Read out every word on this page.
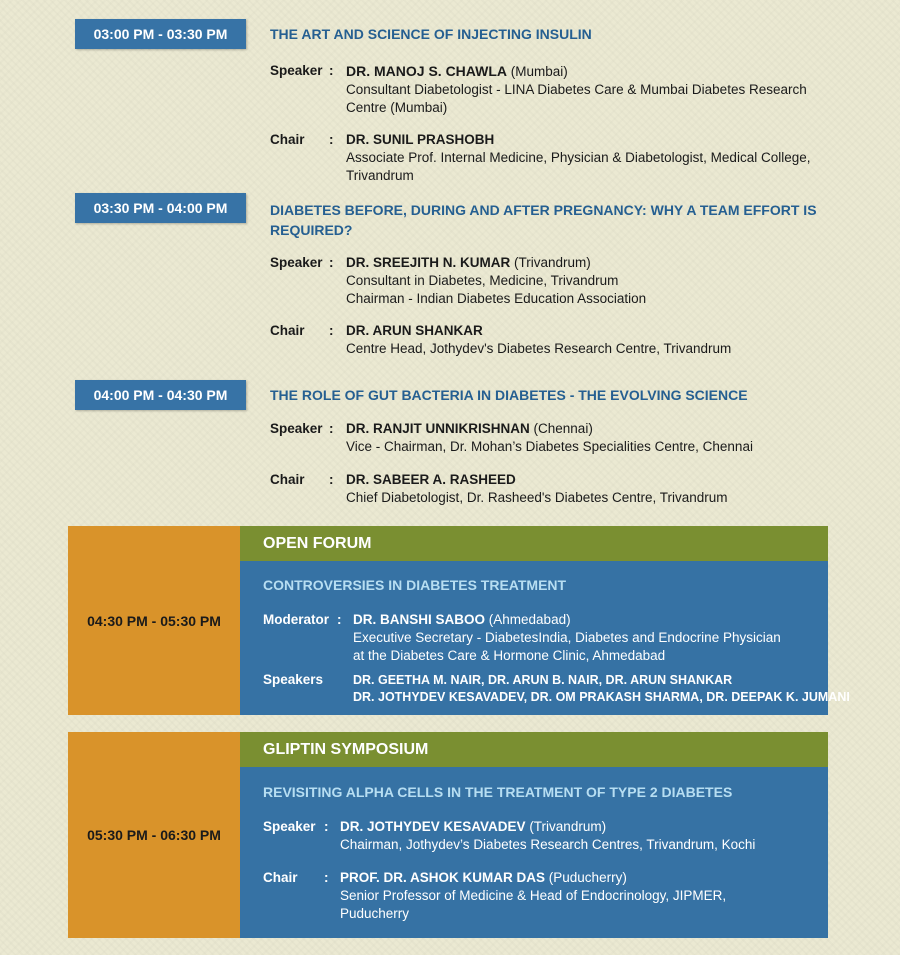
03:00 PM - 03:30 PM	THE ART AND SCIENCE OF INJECTING INSULIN
Speaker : DR. MANOJ S. CHAWLA (Mumbai)
Consultant Diabetologist - LINA Diabetes Care & Mumbai Diabetes Research
Centre (Mumbai)
Chair : DR. SUNIL PRASHOBH
Associate Prof. Internal Medicine, Physician & Diabetologist, Medical College,
Trivandrum
03:30 PM - 04:00 PM	DIABETES BEFORE, DURING AND AFTER PREGNANCY: WHY A TEAM EFFORT IS
REQUIRED?
Speaker : DR. SREEJITH N. KUMAR (Trivandrum)
Consultant in Diabetes, Medicine, Trivandrum
Chairman - Indian Diabetes Education Association
Chair : DR. ARUN SHANKAR
Centre Head, Jothydev's Diabetes Research Centre, Trivandrum
04:00 PM - 04:30 PM	THE ROLE OF GUT BACTERIA IN DIABETES - THE EVOLVING SCIENCE
Speaker : DR. RANJIT UNNIKRISHNAN (Chennai)
Vice - Chairman, Dr. Mohan’s Diabetes Specialities Centre, Chennai
Chair : DR. SABEER A. RASHEED
Chief Diabetologist, Dr. Rasheed's Diabetes Centre, Trivandrum
04:30 PM - 05:30 PM
OPEN FORUM
CONTROVERSIES IN DIABETES TREATMENT
Moderator : DR. BANSHI SABOO (Ahmedabad)
Executive Secretary - DiabetesIndia, Diabetes and Endocrine Physician
at the Diabetes Care & Hormone Clinic, Ahmedabad
Speakers DR. GEETHA M. NAIR, DR. ARUN B. NAIR, DR. ARUN SHANKAR
DR. JOTHYDEV KESAVADEV, DR. OM PRAKASH SHARMA, DR. DEEPAK K. JUMANI
05:30 PM - 06:30 PM
GLIPTIN SYMPOSIUM
REVISITING ALPHA CELLS IN THE TREATMENT OF TYPE 2 DIABETES
Speaker : DR. JOTHYDEV KESAVADEV (Trivandrum)
Chairman, Jothydev’s Diabetes Research Centres, Trivandrum, Kochi
Chair : PROF. DR. ASHOK KUMAR DAS (Puducherry)
Senior Professor of Medicine & Head of Endocrinology, JIPMER,
Puducherry
